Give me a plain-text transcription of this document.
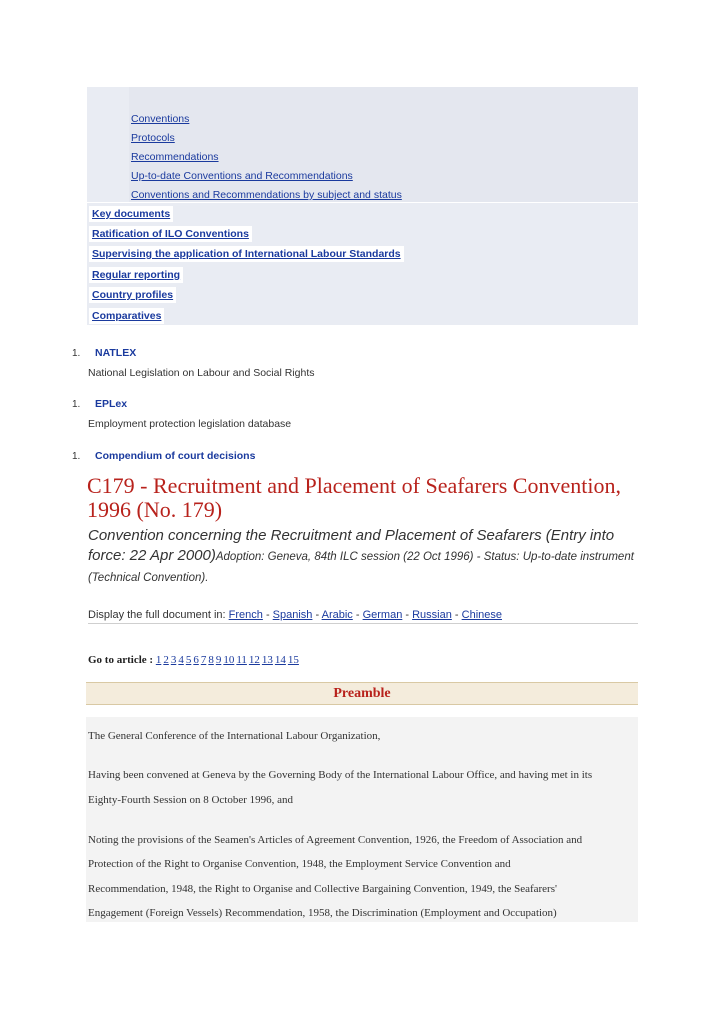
Conventions
Protocols
Recommendations
Up-to-date Conventions and Recommendations
Conventions and Recommendations by subject and status
Key documents
Ratification of ILO Conventions
Supervising the application of International Labour Standards
Regular reporting
Country profiles
Comparatives
1. NATLEX
National Legislation on Labour and Social Rights
1. EPLex
Employment protection legislation database
1. Compendium of court decisions
C179 - Recruitment and Placement of Seafarers Convention, 1996 (No. 179)
Convention concerning the Recruitment and Placement of Seafarers (Entry into force: 22 Apr 2000)Adoption: Geneva, 84th ILC session (22 Oct 1996) - Status: Up-to-date instrument (Technical Convention).
Display the full document in: French - Spanish - Arabic - German - Russian - Chinese
Go to article : 1 2 3 4 5 6 7 8 9 10 11 12 13 14 15
Preamble
The General Conference of the International Labour Organization,
Having been convened at Geneva by the Governing Body of the International Labour Office, and having met in its
Eighty-Fourth Session on 8 October 1996, and
Noting the provisions of the Seamen's Articles of Agreement Convention, 1926, the Freedom of Association and
Protection of the Right to Organise Convention, 1948, the Employment Service Convention and
Recommendation, 1948, the Right to Organise and Collective Bargaining Convention, 1949, the Seafarers'
Engagement (Foreign Vessels) Recommendation, 1958, the Discrimination (Employment and Occupation)
